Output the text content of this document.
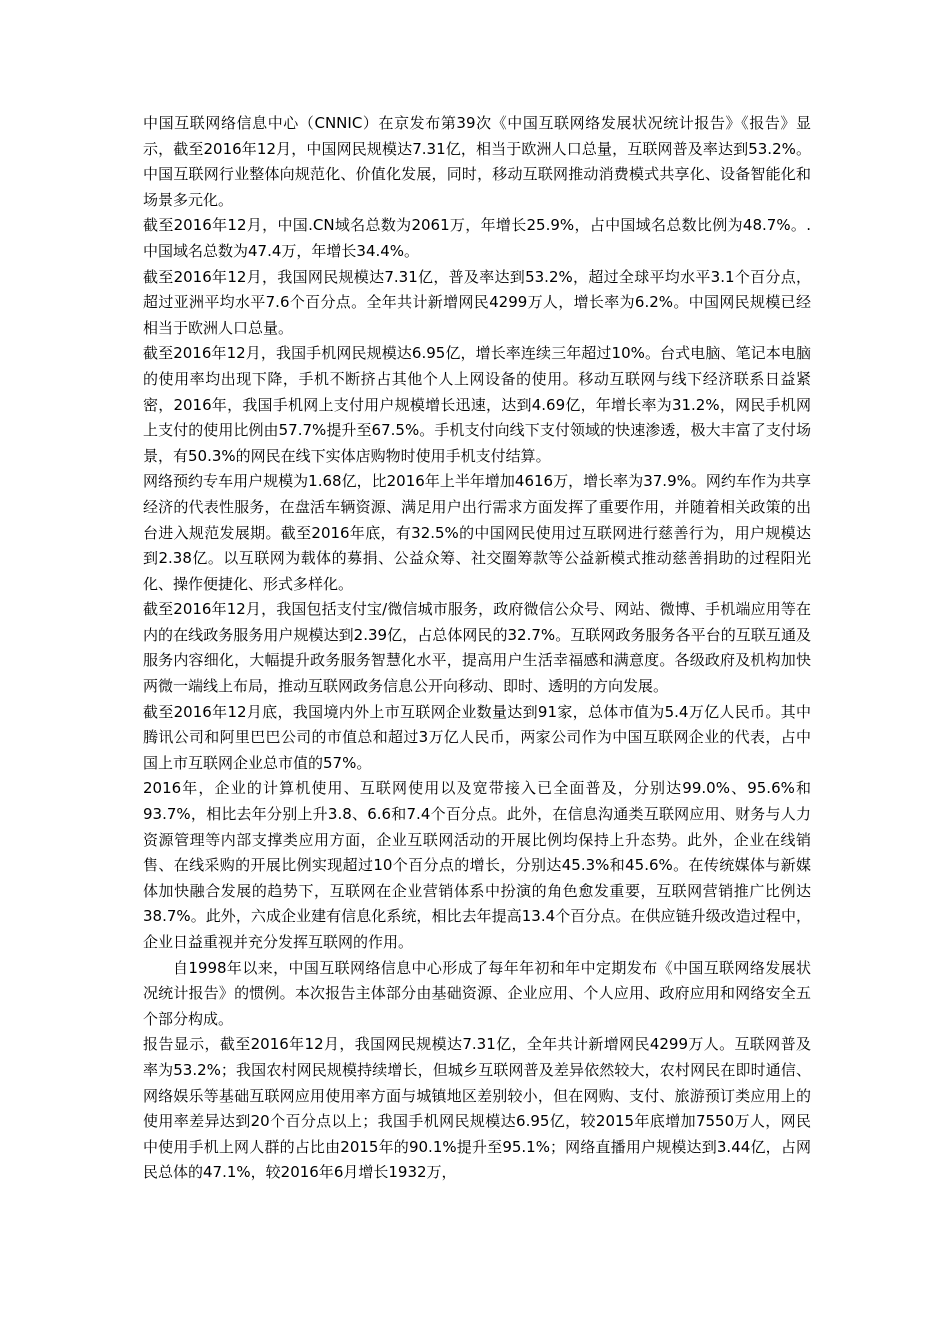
中国互联网络信息中心（CNNIC）在京发布第39次《中国互联网络发展状况统计报告》《报告》显示，截至2016年12月，中国网民规模达7.31亿，相当于欧洲人口总量，互联网普及率达到53.2%。中国互联网行业整体向规范化、价值化发展，同时，移动互联网推动消费模式共享化、设备智能化和场景多元化。

截至2016年12月，中国.CN域名总数为2061万，年增长25.9%，占中国域名总数比例为48.7%。.中国域名总数为47.4万，年增长34.4%。

截至2016年12月，我国网民规模达7.31亿，普及率达到53.2%，超过全球平均水平3.1个百分点，超过亚洲平均水平7.6个百分点。全年共计新增网民4299万人，增长率为6.2%。中国网民规模已经相当于欧洲人口总量。

截至2016年12月，我国手机网民规模达6.95亿，增长率连续三年超过10%。台式电脑、笔记本电脑的使用率均出现下降，手机不断挤占其他个人上网设备的使用。移动互联网与线下经济联系日益紧密，2016年，我国手机网上支付用户规模增长迅速，达到4.69亿，年增长率为31.2%，网民手机网上支付的使用比例由57.7%提升至67.5%。手机支付向线下支付领域的快速渗透，极大丰富了支付场景，有50.3%的网民在线下实体店购物时使用手机支付结算。

网络预约专车用户规模为1.68亿，比2016年上半年增加4616万，增长率为37.9%。网约车作为共享经济的代表性服务，在盘活车辆资源、满足用户出行需求方面发挥了重要作用，并随着相关政策的出台进入规范发展期。截至2016年底，有32.5%的中国网民使用过互联网进行慈善行为，用户规模达到2.38亿。以互联网为载体的募捐、公益众筹、社交圈筹款等公益新模式推动慈善捐助的过程阳光化、操作便捷化、形式多样化。

截至2016年12月，我国包括支付宝/微信城市服务，政府微信公众号、网站、微博、手机端应用等在内的在线政务服务用户规模达到2.39亿，占总体网民的32.7%。互联网政务服务各平台的互联互通及服务内容细化，大幅提升政务服务智慧化水平，提高用户生活幸福感和满意度。各级政府及机构加快两微一端线上布局，推动互联网政务信息公开向移动、即时、透明的方向发展。

截至2016年12月底，我国境内外上市互联网企业数量达到91家，总体市值为5.4万亿人民币。其中腾讯公司和阿里巴巴公司的市值总和超过3万亿人民币，两家公司作为中国互联网企业的代表，占中国上市互联网企业总市值的57%。

2016年，企业的计算机使用、互联网使用以及宽带接入已全面普及，分别达99.0%、95.6%和93.7%，相比去年分别上升3.8、6.6和7.4个百分点。此外，在信息沟通类互联网应用、财务与人力资源管理等内部支撑类应用方面，企业互联网活动的开展比例均保持上升态势。此外，企业在线销售、在线采购的开展比例实现超过10个百分点的增长，分别达45.3%和45.6%。在传统媒体与新媒体加快融合发展的趋势下，互联网在企业营销体系中扮演的角色愈发重要，互联网营销推广比例达38.7%。此外，六成企业建有信息化系统，相比去年提高13.4个百分点。在供应链升级改造过程中，企业日益重视并充分发挥互联网的作用。

自1998年以来，中国互联网络信息中心形成了每年年初和年中定期发布《中国互联网络发展状况统计报告》的惯例。本次报告主体部分由基础资源、企业应用、个人应用、政府应用和网络安全五个部分构成。

报告显示，截至2016年12月，我国网民规模达7.31亿，全年共计新增网民4299万人。互联网普及率为53.2%；我国农村网民规模持续增长，但城乡互联网普及差异依然较大，农村网民在即时通信、网络娱乐等基础互联网应用使用率方面与城镇地区差别较小，但在网购、支付、旅游预订类应用上的使用率差异达到20个百分点以上；我国手机网民规模达6.95亿，较2015年底增加7550万人，网民中使用手机上网人群的占比由2015年的90.1%提升至95.1%；网络直播用户规模达到3.44亿，占网民总体的47.1%，较2016年6月增长1932万，
